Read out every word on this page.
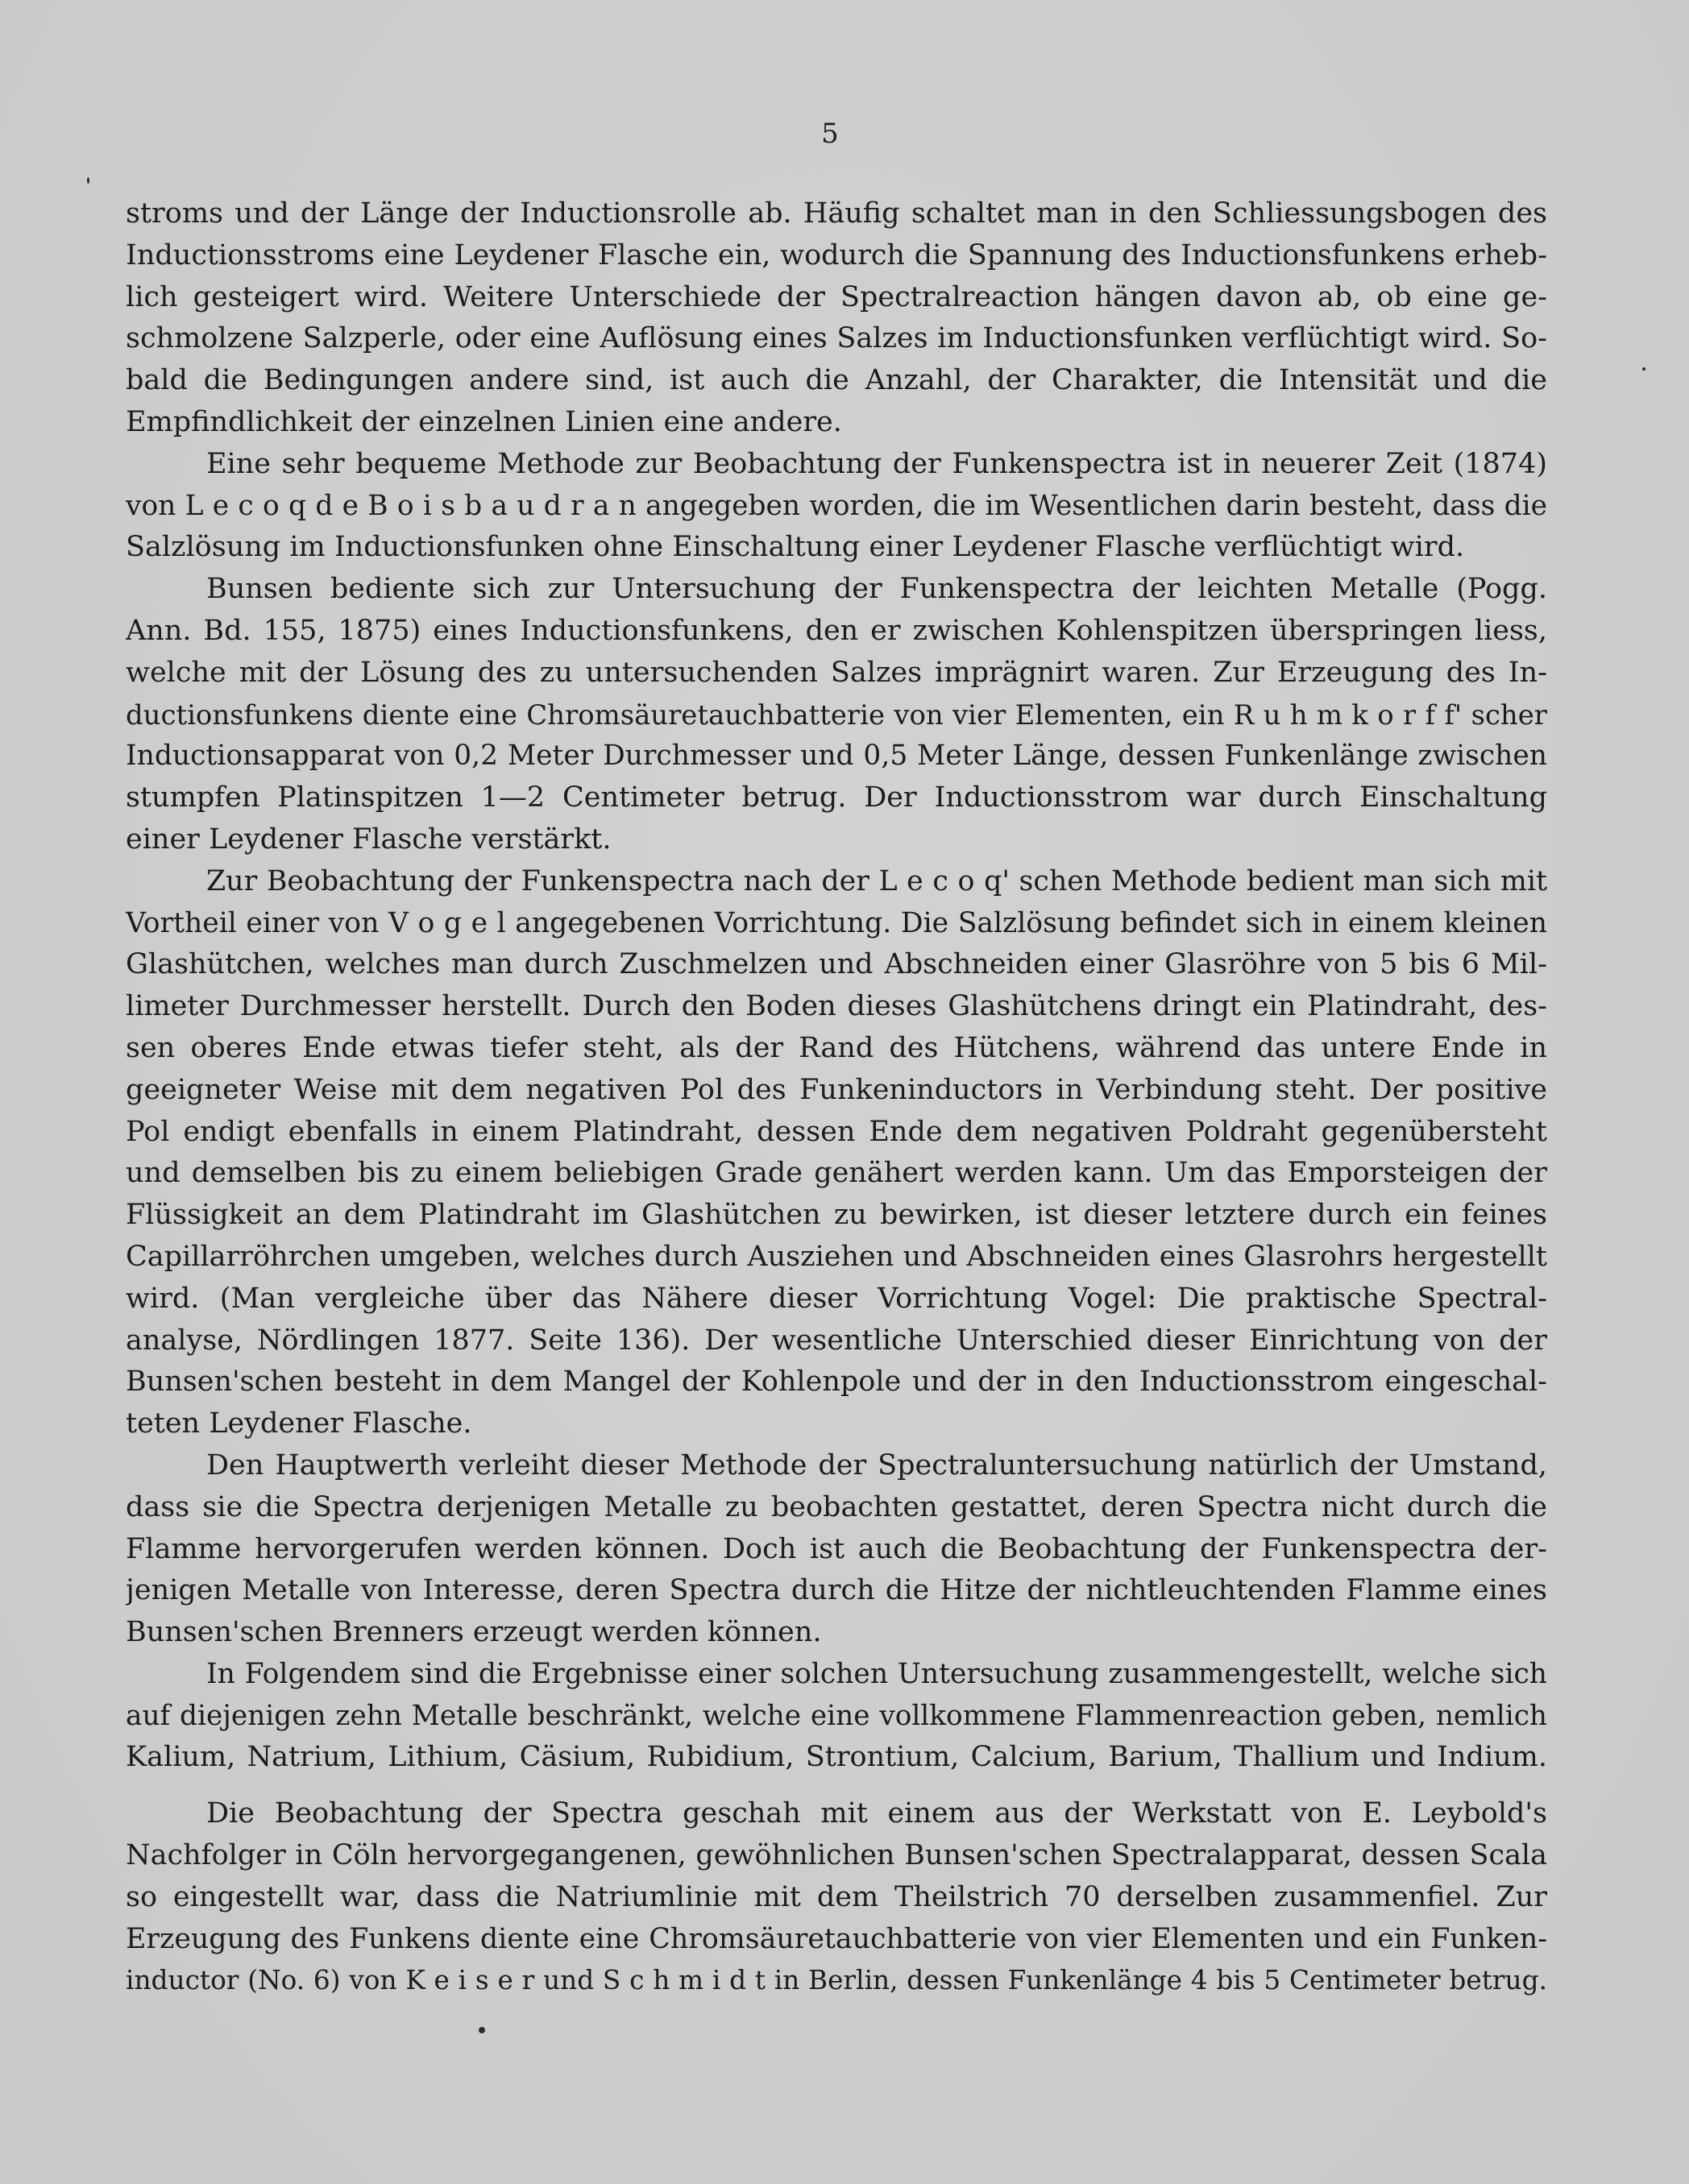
5
stroms und der Länge der Inductionsrolle ab. Häufig schaltet man in den Schliessungsbogen des
Inductionsstroms eine Leydener Flasche ein, wodurch die Spannung des Inductionsfunkens erheb-
lich gesteigert wird. Weitere Unterschiede der Spectralreaction hängen davon ab, ob eine ge-
schmolzene Salzperle, oder eine Auflösung eines Salzes im Inductionsfunken verflüchtigt wird. So-
bald die Bedingungen andere sind, ist auch die Anzahl, der Charakter, die Intensität und die
Empfindlichkeit der einzelnen Linien eine andere.
Eine sehr bequeme Methode zur Beobachtung der Funkenspectra ist in neuerer Zeit (1874)
von L e c o q d e B o i s b a u d r a n angegeben worden, die im Wesentlichen darin besteht, dass die
Salzlösung im Inductionsfunken ohne Einschaltung einer Leydener Flasche verflüchtigt wird.
Bunsen bediente sich zur Untersuchung der Funkenspectra der leichten Metalle (Pogg.
Ann. Bd. 155, 1875) eines Inductionsfunkens, den er zwischen Kohlenspitzen überspringen liess,
welche mit der Lösung des zu untersuchenden Salzes imprägnirt waren. Zur Erzeugung des In-
ductionsfunkens diente eine Chromsäuretauchbatterie von vier Elementen, ein R u h m k o r f f' scher
Inductionsapparat von 0,2 Meter Durchmesser und 0,5 Meter Länge, dessen Funkenlänge zwischen
stumpfen Platinspitzen 1—2 Centimeter betrug. Der Inductionsstrom war durch Einschaltung
einer Leydener Flasche verstärkt.
Zur Beobachtung der Funkenspectra nach der L e c o q' schen Methode bedient man sich mit
Vortheil einer von V o g e l angegebenen Vorrichtung. Die Salzlösung befindet sich in einem kleinen
Glashütchen, welches man durch Zuschmelzen und Abschneiden einer Glasröhre von 5 bis 6 Mil-
limeter Durchmesser herstellt. Durch den Boden dieses Glashütchens dringt ein Platindraht, des-
sen oberes Ende etwas tiefer steht, als der Rand des Hütchens, während das untere Ende in
geeigneter Weise mit dem negativen Pol des Funkeninductors in Verbindung steht. Der positive
Pol endigt ebenfalls in einem Platindraht, dessen Ende dem negativen Poldraht gegenübersteht
und demselben bis zu einem beliebigen Grade genähert werden kann. Um das Emporsteigen der
Flüssigkeit an dem Platindraht im Glashütchen zu bewirken, ist dieser letztere durch ein feines
Capillarröhrchen umgeben, welches durch Ausziehen und Abschneiden eines Glasrohrs hergestellt
wird. (Man vergleiche über das Nähere dieser Vorrichtung Vogel: Die praktische Spectral-
analyse, Nördlingen 1877. Seite 136). Der wesentliche Unterschied dieser Einrichtung von der
Bunsen'schen besteht in dem Mangel der Kohlenpole und der in den Inductionsstrom eingeschal-
teten Leydener Flasche.
Den Hauptwerth verleiht dieser Methode der Spectraluntersuchung natürlich der Umstand,
dass sie die Spectra derjenigen Metalle zu beobachten gestattet, deren Spectra nicht durch die
Flamme hervorgerufen werden können. Doch ist auch die Beobachtung der Funkenspectra der-
jenigen Metalle von Interesse, deren Spectra durch die Hitze der nichtleuchtenden Flamme eines
Bunsen'schen Brenners erzeugt werden können.
In Folgendem sind die Ergebnisse einer solchen Untersuchung zusammengestellt, welche sich
auf diejenigen zehn Metalle beschränkt, welche eine vollkommene Flammenreaction geben, nemlich
Kalium, Natrium, Lithium, Cäsium, Rubidium, Strontium, Calcium, Barium, Thallium und Indium.
Die Beobachtung der Spectra geschah mit einem aus der Werkstatt von E. Leybold's
Nachfolger in Cöln hervorgegangenen, gewöhnlichen Bunsen'schen Spectralapparat, dessen Scala
so eingestellt war, dass die Natriumlinie mit dem Theilstrich 70 derselben zusammenfiel. Zur
Erzeugung des Funkens diente eine Chromsäuretauchbatterie von vier Elementen und ein Funken-
inductor (No. 6) von K e i s e r und S c h m i d t in Berlin, dessen Funkenlänge 4 bis 5 Centimeter betrug.
